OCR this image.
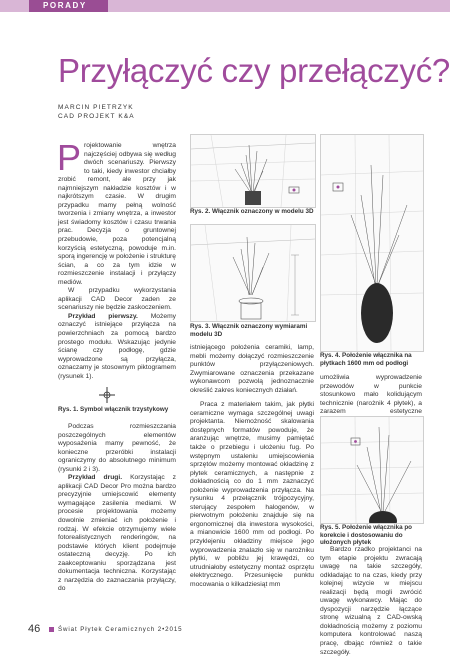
PORADY
Przyłączyć czy przełączyć?
MARCIN PIETRZYK
CAD PROJEKT K&A
P rojektowanie wnętrza najczęściej odbywa się według dwóch scenariuszy. Pierwszy to taki, kiedy inwestor chciałby zrobić remont, ale przy jak najmniejszym nakładzie kosztów i w najkrótszym czasie. W drugim przypadku mamy pełną wolność tworzenia i zmiany wnętrza, a inwestor jest świadomy kosztów i czasu trwania prac. Decyzja o gruntownej przebudowie, poza potencjalną korzyścią estetyczną, powoduje m.in. sporą ingerencję w położenie i strukturę ścian, a co za tym idzie w rozmieszczenie instalacji i przyłączy mediów.

W przypadku wykorzystania aplikacji CAD Decor zaden ze scenariuszy nie będzie zaskoczeniem.

Przykład pierwszy. Możemy oznaczyć istniejące przyłącza na powierzchniach za pomocą bardzo prostego modułu. Wskazując jedynie ścianę czy podłogę, gdzie wyprowadzone są przyłącza, oznaczamy je stosownym piktogramem (rysunek 1).

Rys. 1. Symbol włącznik trzystykowy

Podczas rozmieszczania poszczególnych elementów wyposażenia mamy pewność, że konieczne przeróbki instalacji ograniczymy do absolutnego minimum (rysunki 2 i 3).

Przykład drugi. Korzystając z aplikacji CAD Decor Pro można bardzo precyzyjnie umiejscowić elementy wymagające zasilenia mediami. W procesie projektowania możemy dowolnie zmieniać ich położenie i rodzaj. W efekcie otrzymujemy wiele fotorealistycznych renderingów, na podstawie których klient podejmuje ostateczną decyzję. Po ich zaakceptowaniu sporządzana jest dokumentacja techniczna. Korzystając z narzędzia do zaznaczania przyłączy, do

Rys. 2. Włącznik oznaczony w modelu 3D
Rys. 3. Włącznik oznaczony wymiarami modelu 3D

istniejącego położenia ceramiki, lamp, mebli możemy dołączyć rozmieszczenie punktów przyłączeniowych. Zwymiarowane oznaczenia przekazane wykonawcom pozwolą jednoznacznie określić zakres koniecznych działań.

Praca z materiałem takim, jak płytki ceramiczne wymaga szczególnej uwagi projektanta. Niemożność skalowania dostępnych formatów powoduje, że aranżując wnętrze, musimy pamiętać także o przebiegu i ułożeniu fug. Po wstępnym ustaleniu umiejscowienia sprzętów możemy montować okładzinę z płytek ceramicznych, a następnie z dokładnością co do 1 mm zaznaczyć położenie wyprowadzenia przyłącza. Na rysunku 4 przełącznik trójpozycyjny, sterujący zespołem halogenów, w pierwotnym położeniu znajduje się na ergonomicznej dla inwestora wysokości, a mianowicie 1600 mm od podłogi. Po przyklejeniu okładziny miejsce jego wyprowadzenia znalazło się w narożniku płytki, w pobliżu jej krawędzi, co utrudniałoby estetyczny montaż osprzętu elektrycznego. Przesunięcie punktu mocowania o kilkadziesiąt mm

Rys. 4. Położenie włącznika na płytkach 1600 mm od podłogi

umożliwia wyprowadzenie przewodów w punkcie stosunkowo mało kolidującym technicznie (narożnik 4 płytek), a zarazem estetyczne

Rys. 5. Położenie włącznika po korekcie i dostosowaniu do ułożonych płytek

Bardzo rzadko projektanci na tym etapie projektu zwracają uwagę na takie szczegóły, odkładając to na czas, kiedy przy kolejnej wizycie w miejscu realizacji będą mogli zwrócić uwagę wykonawcy. Mając do dyspozycji narzędzie łączące stronę wizualną z CAD-owską dokładnością możemy z poziomu komputera kontrolować naszą pracę, dbając również o takie szczegóły.

46	Świat Płytek Ceramicznych 2•2015
